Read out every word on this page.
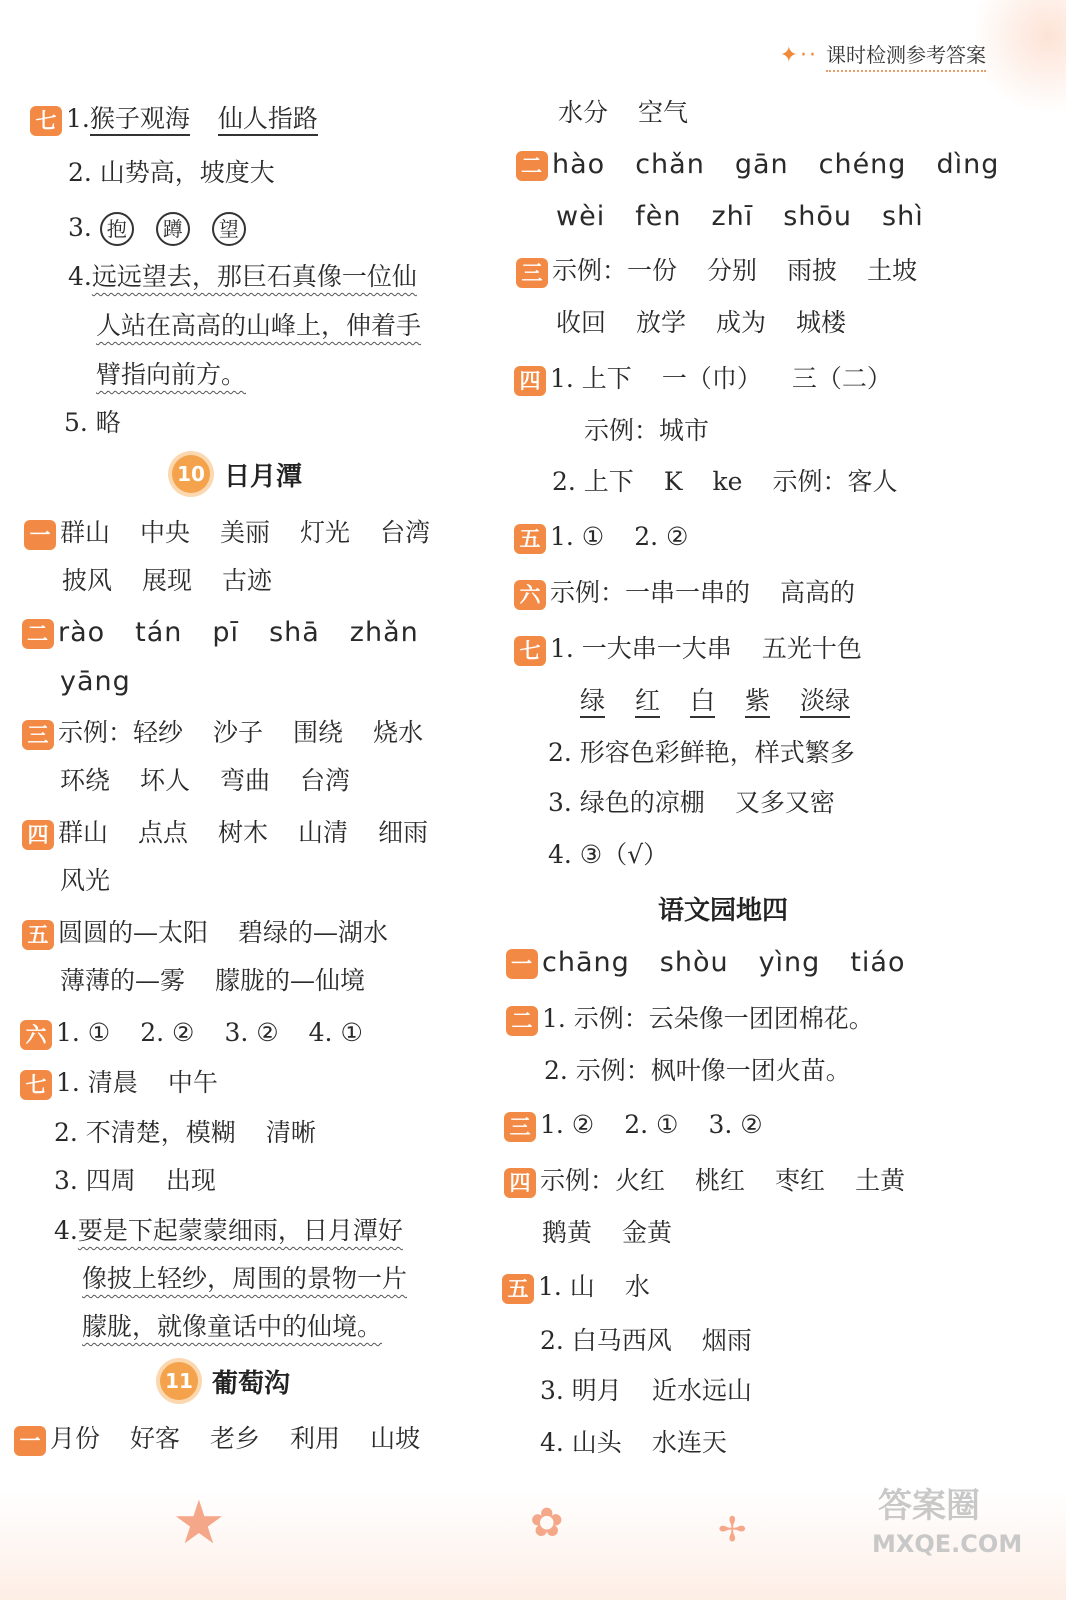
✦·· 课时检测参考答案
七 1.猴子观海 仙人指路
2. 山势高，坡度大
3. 抱 蹲 望
4.远远望去，那巨石真像一位仙
人站在高高的山峰上，伸着手
臂指向前方。
5. 略
10 日月潭
一 群山 中央 美丽 灯光 台湾
披风 展现 古迹
二 rào tán pī shā zhǎn
yāng
三 示例：轻纱 沙子 围绕 烧水
环绕 坏人 弯曲 台湾
四 群山 点点 树木 山清 细雨
风光
五 圆圆的—太阳 碧绿的—湖水
薄薄的—雾 朦胧的—仙境
六 1. ① 2. ② 3. ② 4. ①
七 1. 清晨 中午
2. 不清楚，模糊 清晰
3. 四周 出现
4.要是下起蒙蒙细雨，日月潭好
像披上轻纱，周围的景物一片
朦胧，就像童话中的仙境。
11 葡萄沟
一 月份 好客 老乡 利用 山坡
水分 空气
二 hào chǎn gān chéng dìng
wèi fèn zhī shōu shì
三 示例：一份 分别 雨披 土坡
收回 放学 成为 城楼
四 1. 上下 一（巾） 三（二）
示例：城市
2. 上下 K ke 示例：客人
五 1. ① 2. ②
六 示例：一串一串的 高高的
七 1. 一大串一大串 五光十色
绿 红 白 紫 淡绿
2. 形容色彩鲜艳，样式繁多
3. 绿色的凉棚 又多又密
4. ③（√）
语文园地四
一 chāng shòu yìng tiáo
二 1. 示例：云朵像一团团棉花。
2. 示例：枫叶像一团火苗。
三 1. ② 2. ① 3. ②
四 示例：火红 桃红 枣红 土黄
鹅黄 金黄
五 1. 山 水
2. 白马西风 烟雨
3. 明月 近水远山
4. 山头 水连天
★	✿	✢
答案圈
MXQE.COM
